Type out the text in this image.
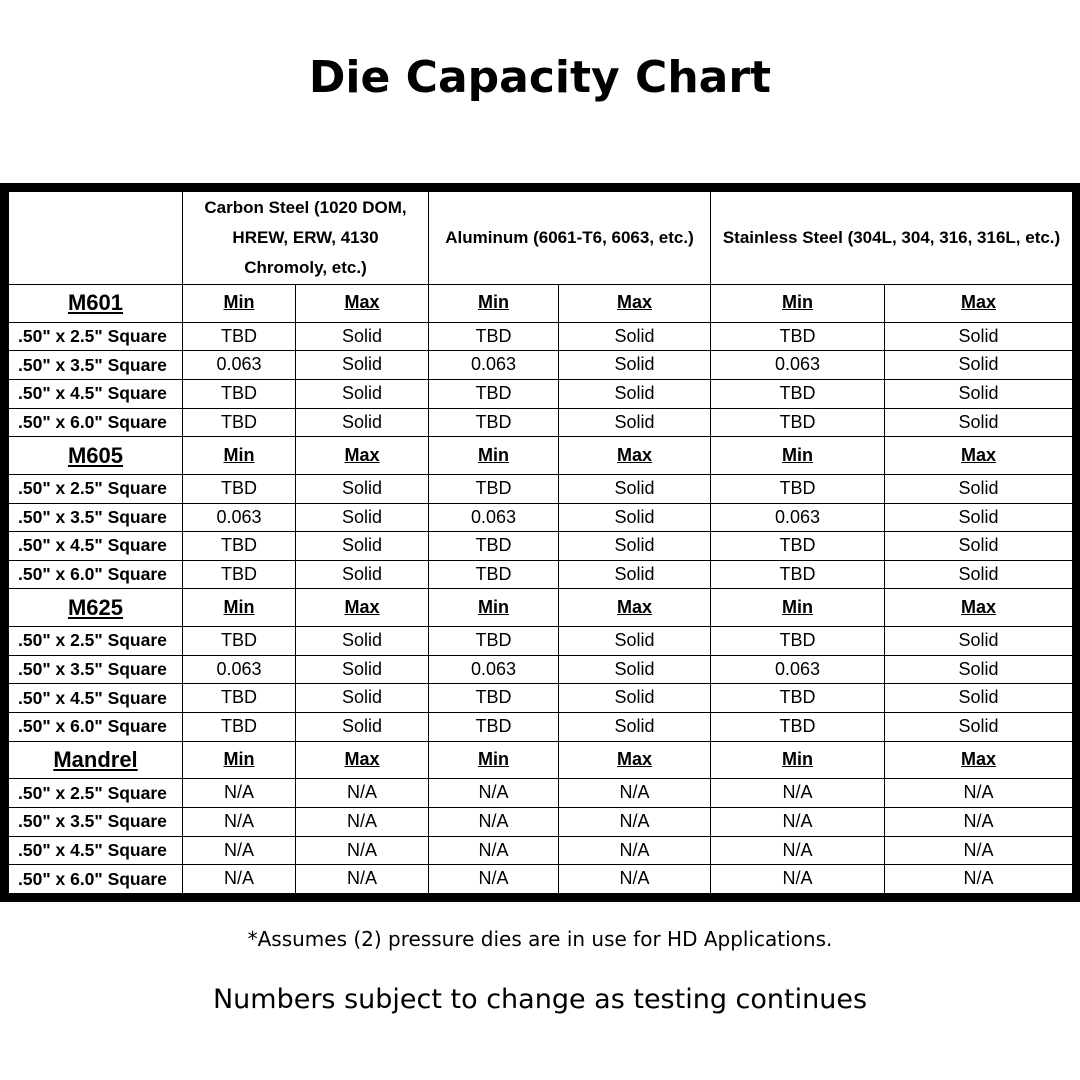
Die Capacity Chart
	Carbon Steel (1020 DOM, HREW, ERW, 4130 Chromoly, etc.)		Aluminum (6061-T6, 6063, etc.)		Stainless Steel (304L, 304, 316, 316L, etc.)	
M601	Min	Max	Min	Max	Min	Max
.50" x 2.5" Square	TBD	Solid	TBD	Solid	TBD	Solid
.50" x 3.5" Square	0.063	Solid	0.063	Solid	0.063	Solid
.50" x 4.5" Square	TBD	Solid	TBD	Solid	TBD	Solid
.50" x 6.0" Square	TBD	Solid	TBD	Solid	TBD	Solid
M605	Min	Max	Min	Max	Min	Max
.50" x 2.5" Square	TBD	Solid	TBD	Solid	TBD	Solid
.50" x 3.5" Square	0.063	Solid	0.063	Solid	0.063	Solid
.50" x 4.5" Square	TBD	Solid	TBD	Solid	TBD	Solid
.50" x 6.0" Square	TBD	Solid	TBD	Solid	TBD	Solid
M625	Min	Max	Min	Max	Min	Max
.50" x 2.5" Square	TBD	Solid	TBD	Solid	TBD	Solid
.50" x 3.5" Square	0.063	Solid	0.063	Solid	0.063	Solid
.50" x 4.5" Square	TBD	Solid	TBD	Solid	TBD	Solid
.50" x 6.0" Square	TBD	Solid	TBD	Solid	TBD	Solid
Mandrel	Min	Max	Min	Max	Min	Max
.50" x 2.5" Square	N/A	N/A	N/A	N/A	N/A	N/A
.50" x 3.5" Square	N/A	N/A	N/A	N/A	N/A	N/A
.50" x 4.5" Square	N/A	N/A	N/A	N/A	N/A	N/A
.50" x 6.0" Square	N/A	N/A	N/A	N/A	N/A	N/A
*Assumes (2) pressure dies are in use for HD Applications.
Numbers subject to change as testing continues
